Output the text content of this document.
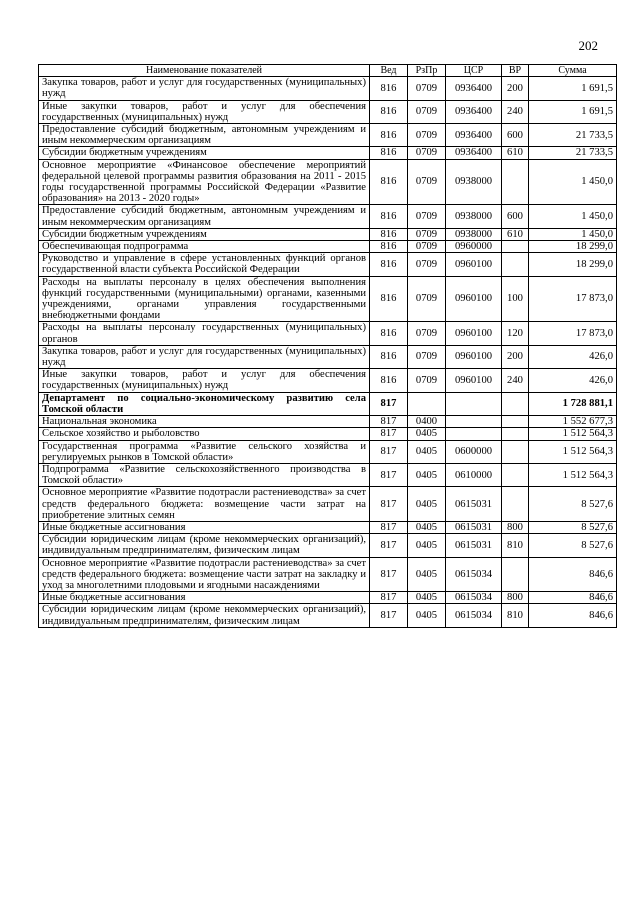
202
Наименование показателей	Вед	РзПр	ЦСР	ВР	Сумма
Закупка товаров, работ и услуг для государственных (муниципальных) нужд	816	0709	0936400	200	1 691,5
Иные закупки товаров, работ и услуг для обеспечения государственных (муниципальных) нужд	816	0709	0936400	240	1 691,5
Предоставление субсидий бюджетным, автономным учреждениям и иным некоммерческим организациям	816	0709	0936400	600	21 733,5
Субсидии бюджетным учреждениям	816	0709	0936400	610	21 733,5
Основное мероприятие «Финансовое обеспечение мероприятий федеральной целевой программы развития образования на 2011 - 2015 годы государственной программы Российской Федерации «Развитие образования» на 2013 - 2020 годы»	816	0709	0938000		1 450,0
Предоставление субсидий бюджетным, автономным учреждениям и иным некоммерческим организациям	816	0709	0938000	600	1 450,0
Субсидии бюджетным учреждениям	816	0709	0938000	610	1 450,0
Обеспечивающая подпрограмма	816	0709	0960000		18 299,0
Руководство и управление в сфере установленных функций органов государственной власти субъекта Российской Федерации	816	0709	0960100		18 299,0
Расходы на выплаты персоналу в целях обеспечения выполнения функций государственными (муниципальными) органами, казенными учреждениями, органами управления государственными внебюджетными фондами	816	0709	0960100	100	17 873,0
Расходы на выплаты персоналу государственных (муниципальных) органов	816	0709	0960100	120	17 873,0
Закупка товаров, работ и услуг для государственных (муниципальных) нужд	816	0709	0960100	200	426,0
Иные закупки товаров, работ и услуг для обеспечения государственных (муниципальных) нужд	816	0709	0960100	240	426,0
Департамент по социально-экономическому развитию села Томской области	817				1 728 881,1
Национальная экономика	817	0400			1 552 677,3
Сельское хозяйство и рыболовство	817	0405			1 512 564,3
Государственная программа «Развитие сельского хозяйства и регулируемых рынков в Томской области»	817	0405	0600000		1 512 564,3
Подпрограмма «Развитие сельскохозяйственного производства в Томской области»	817	0405	0610000		1 512 564,3
Основное мероприятие «Развитие подотрасли растениеводства» за счет средств федерального бюджета: возмещение части затрат на приобретение элитных семян	817	0405	0615031		8 527,6
Иные бюджетные ассигнования	817	0405	0615031	800	8 527,6
Субсидии юридическим лицам (кроме некоммерческих организаций), индивидуальным предпринимателям, физическим лицам	817	0405	0615031	810	8 527,6
Основное мероприятие «Развитие подотрасли растениеводства» за счет средств федерального бюджета: возмещение части затрат на закладку и уход за многолетними плодовыми и ягодными насаждениями	817	0405	0615034		846,6
Иные бюджетные ассигнования	817	0405	0615034	800	846,6
Субсидии юридическим лицам (кроме некоммерческих организаций), индивидуальным предпринимателям, физическим лицам	817	0405	0615034	810	846,6
